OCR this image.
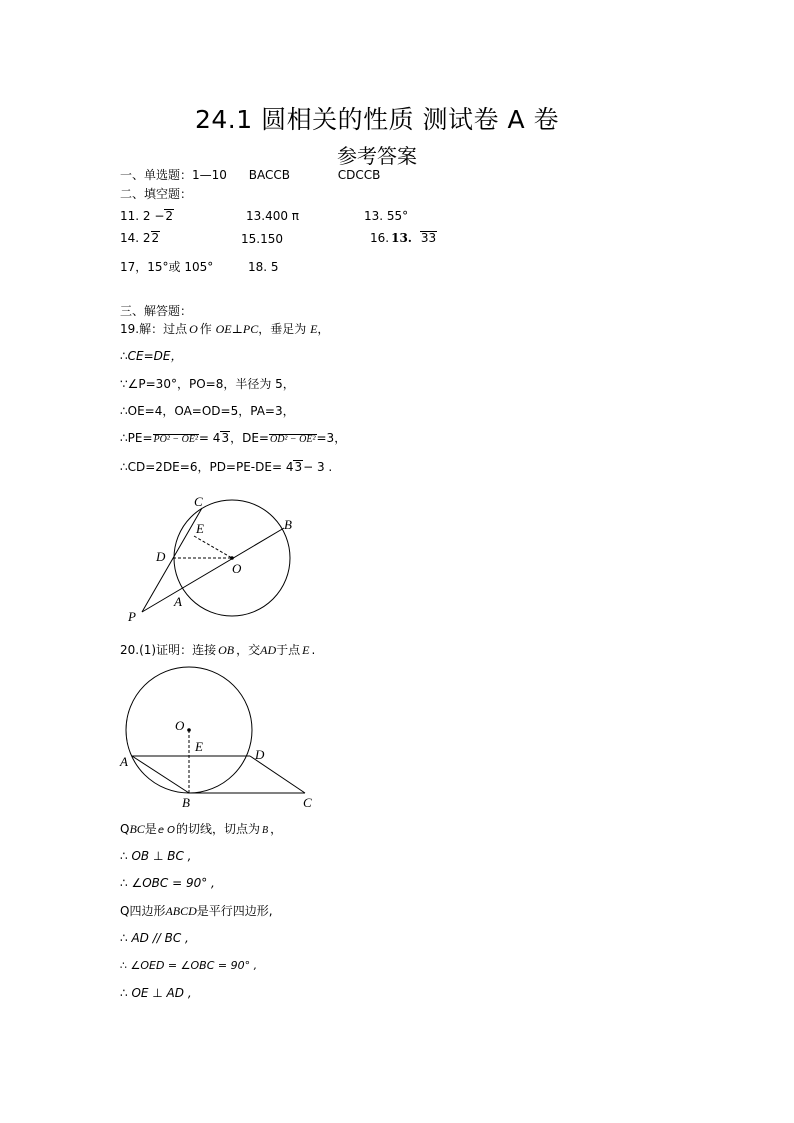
24.1 圆相关的性质 测试卷 A 卷
参考答案
一、单选题：1—10 BACCB	CDCCB
二、填空题：
11. 2 −2	13.400 π	13. 55°
14. 22	15.150	16. 13. 33
17，15°或 105°	18. 5
三、解答题：
19.解：过点 O 作 OE⊥PC，垂足为 E，
∴CE=DE，
∵∠P=30°，PO=8，半径为 5，
∴OE=4，OA=OD=5，PA=3，
∴PE=PO² − OE²= 43，DE=OD² − OE²=3，
∴CD=2DE=6，PD=PE-DE= 43− 3 .
C
B
E
D
O
A
P
20.(1)证明：连接 OB ，交AD于点 E .
O
E
D
A
B	C
QBC是e O的切线，切点为 B ，
∴ OB ⊥ BC ,
∴ ∠OBC = 90° ,
Q四边形ABCD是平行四边形,
∴ AD // BC ,
∴ ∠OED = ∠OBC = 90° ,
∴ OE ⊥ AD ,
